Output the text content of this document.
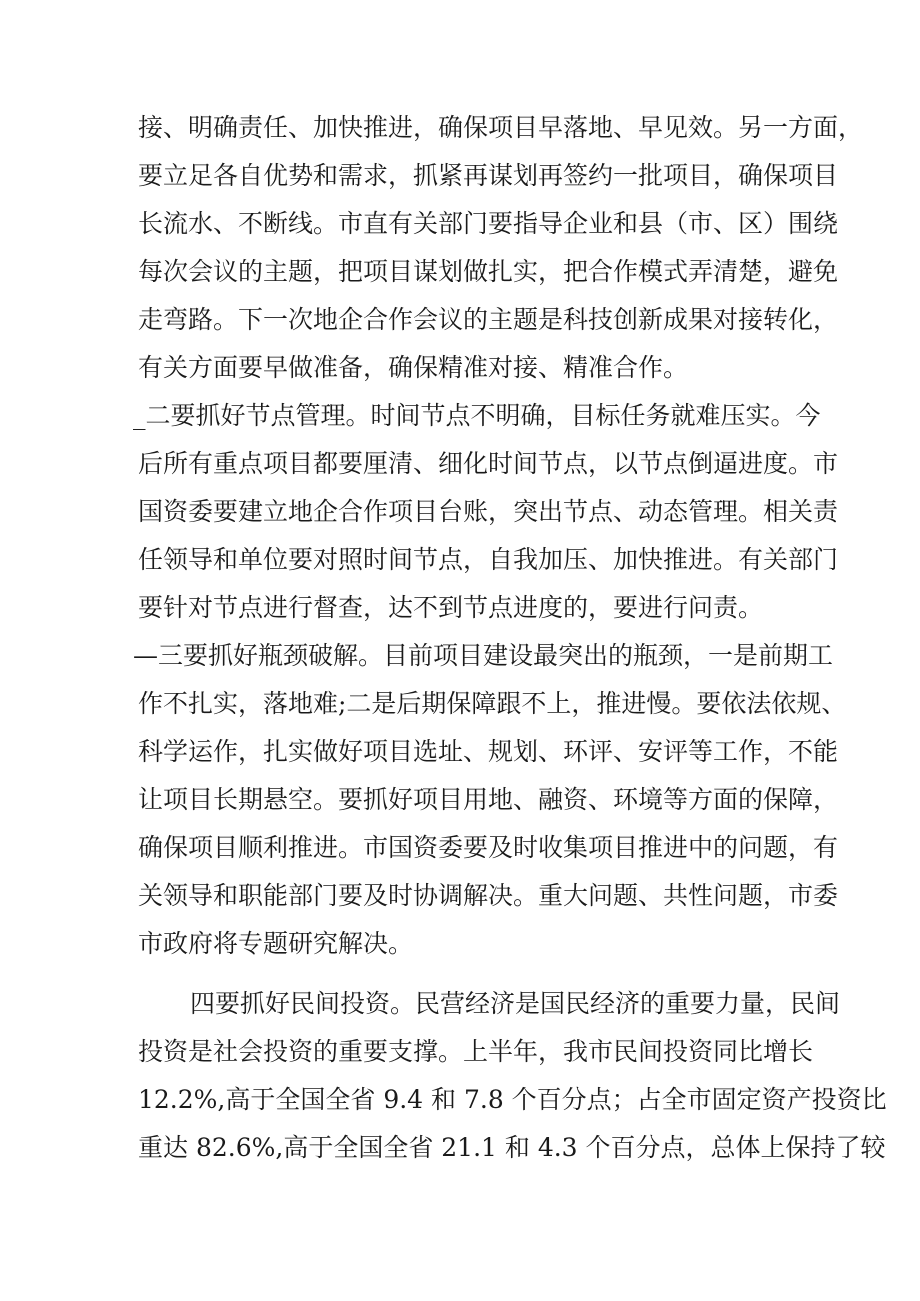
接、明确责任、加快推进，确保项目早落地、早见效。另一方面，
要立足各自优势和需求，抓紧再谋划再签约一批项目，确保项目
长流水、不断线。市直有关部门要指导企业和县（市、区）围绕
每次会议的主题，把项目谋划做扎实，把合作模式弄清楚，避免
走弯路。下一次地企合作会议的主题是科技创新成果对接转化，
有关方面要早做准备，确保精准对接、精准合作。
_二要抓好节点管理。时间节点不明确，目标任务就难压实。今
后所有重点项目都要厘清、细化时间节点，以节点倒逼进度。市
国资委要建立地企合作项目台账，突出节点、动态管理。相关责
任领导和单位要对照时间节点，自我加压、加快推进。有关部门
要针对节点进行督查，达不到节点进度的，要进行问责。
—三要抓好瓶颈破解。目前项目建设最突出的瓶颈，一是前期工
作不扎实，落地难;二是后期保障跟不上，推进慢。要依法依规、
科学运作，扎实做好项目选址、规划、环评、安评等工作，不能
让项目长期悬空。要抓好项目用地、融资、环境等方面的保障，
确保项目顺利推进。市国资委要及时收集项目推进中的问题，有
关领导和职能部门要及时协调解决。重大问题、共性问题，市委
市政府将专题研究解决。
四要抓好民间投资。民营经济是国民经济的重要力量，民间
投资是社会投资的重要支撑。上半年，我市民间投资同比增长
12.2%,高于全国全省 9.4 和 7.8 个百分点；占全市固定资产投资比
重达 82.6%,高于全国全省 21.1 和 4.3 个百分点，总体上保持了较
